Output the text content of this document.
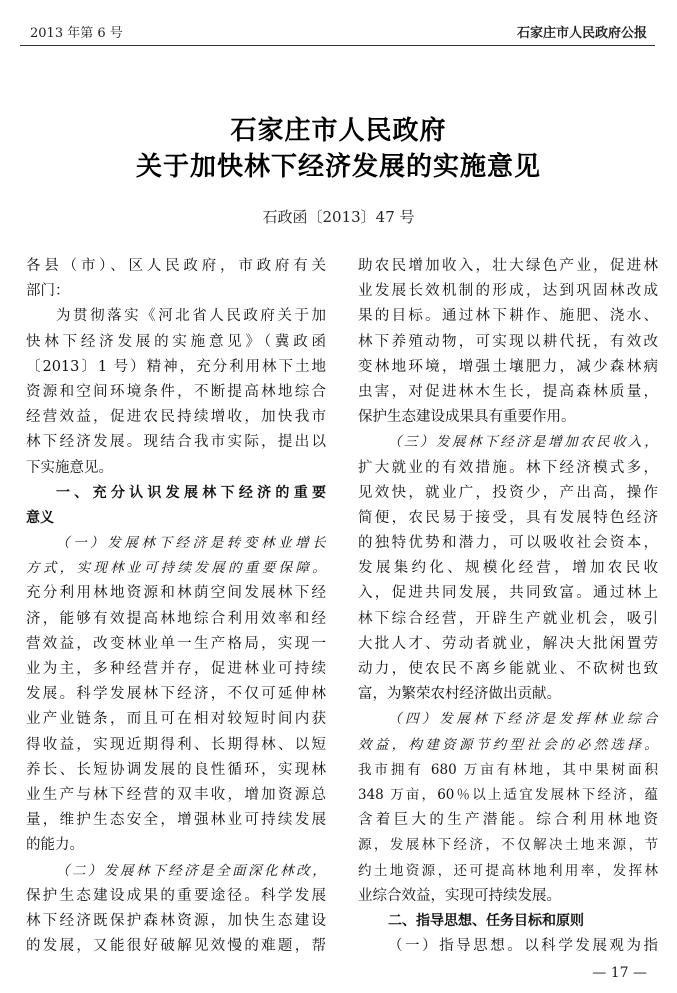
2013 年第 6 号	石家庄市人民政府公报
石家庄市人民政府
关于加快林下经济发展的实施意见
石政函〔2013〕47 号
各县（市）、区人民政府，市政府有关
部门：
为贯彻落实《河北省人民政府关于加
快林下经济发展的实施意见》（冀政函
〔2013〕1 号）精神，充分利用林下土地
资源和空间环境条件，不断提高林地综合
经营效益，促进农民持续增收，加快我市
林下经济发展。现结合我市实际，提出以
下实施意见。
一、充分认识发展林下经济的重要
意义
（一）发展林下经济是转变林业增长
方式，实现林业可持续发展的重要保障。
充分利用林地资源和林荫空间发展林下经
济，能够有效提高林地综合利用效率和经
营效益，改变林业单一生产格局，实现一
业为主，多种经营并存，促进林业可持续
发展。科学发展林下经济，不仅可延伸林
业产业链条，而且可在相对较短时间内获
得收益，实现近期得利、长期得林、以短
养长、长短协调发展的良性循环，实现林
业生产与林下经营的双丰收，增加资源总
量，维护生态安全，增强林业可持续发展
的能力。
（二）发展林下经济是全面深化林改，
保护生态建设成果的重要途径。科学发展
林下经济既保护森林资源，加快生态建设
的发展，又能很好破解见效慢的难题，帮
助农民增加收入，壮大绿色产业，促进林
业发展长效机制的形成，达到巩固林改成
果的目标。通过林下耕作、施肥、浇水、
林下养殖动物，可实现以耕代抚，有效改
变林地环境，增强土壤肥力，减少森林病
虫害，对促进林木生长，提高森林质量，
保护生态建设成果具有重要作用。
（三）发展林下经济是增加农民收入，
扩大就业的有效措施。林下经济模式多，
见效快，就业广，投资少，产出高，操作
简便，农民易于接受，具有发展特色经济
的独特优势和潜力，可以吸收社会资本，
发展集约化、规模化经营，增加农民收
入，促进共同发展，共同致富。通过林上
林下综合经营，开辟生产就业机会，吸引
大批人才、劳动者就业，解决大批闲置劳
动力，使农民不离乡能就业、不砍树也致
富，为繁荣农村经济做出贡献。
（四）发展林下经济是发挥林业综合
效益，构建资源节约型社会的必然选择。
我市拥有 680 万亩有林地，其中果树面积
348 万亩，60％以上适宜发展林下经济，蕴
含着巨大的生产潜能。综合利用林地资
源，发展林下经济，不仅解决土地来源，节
约土地资源，还可提高林地利用率，发挥林
业综合效益，实现可持续发展。
二、指导思想、任务目标和原则
（一）指导思想。以科学发展观为指
— 17 —
